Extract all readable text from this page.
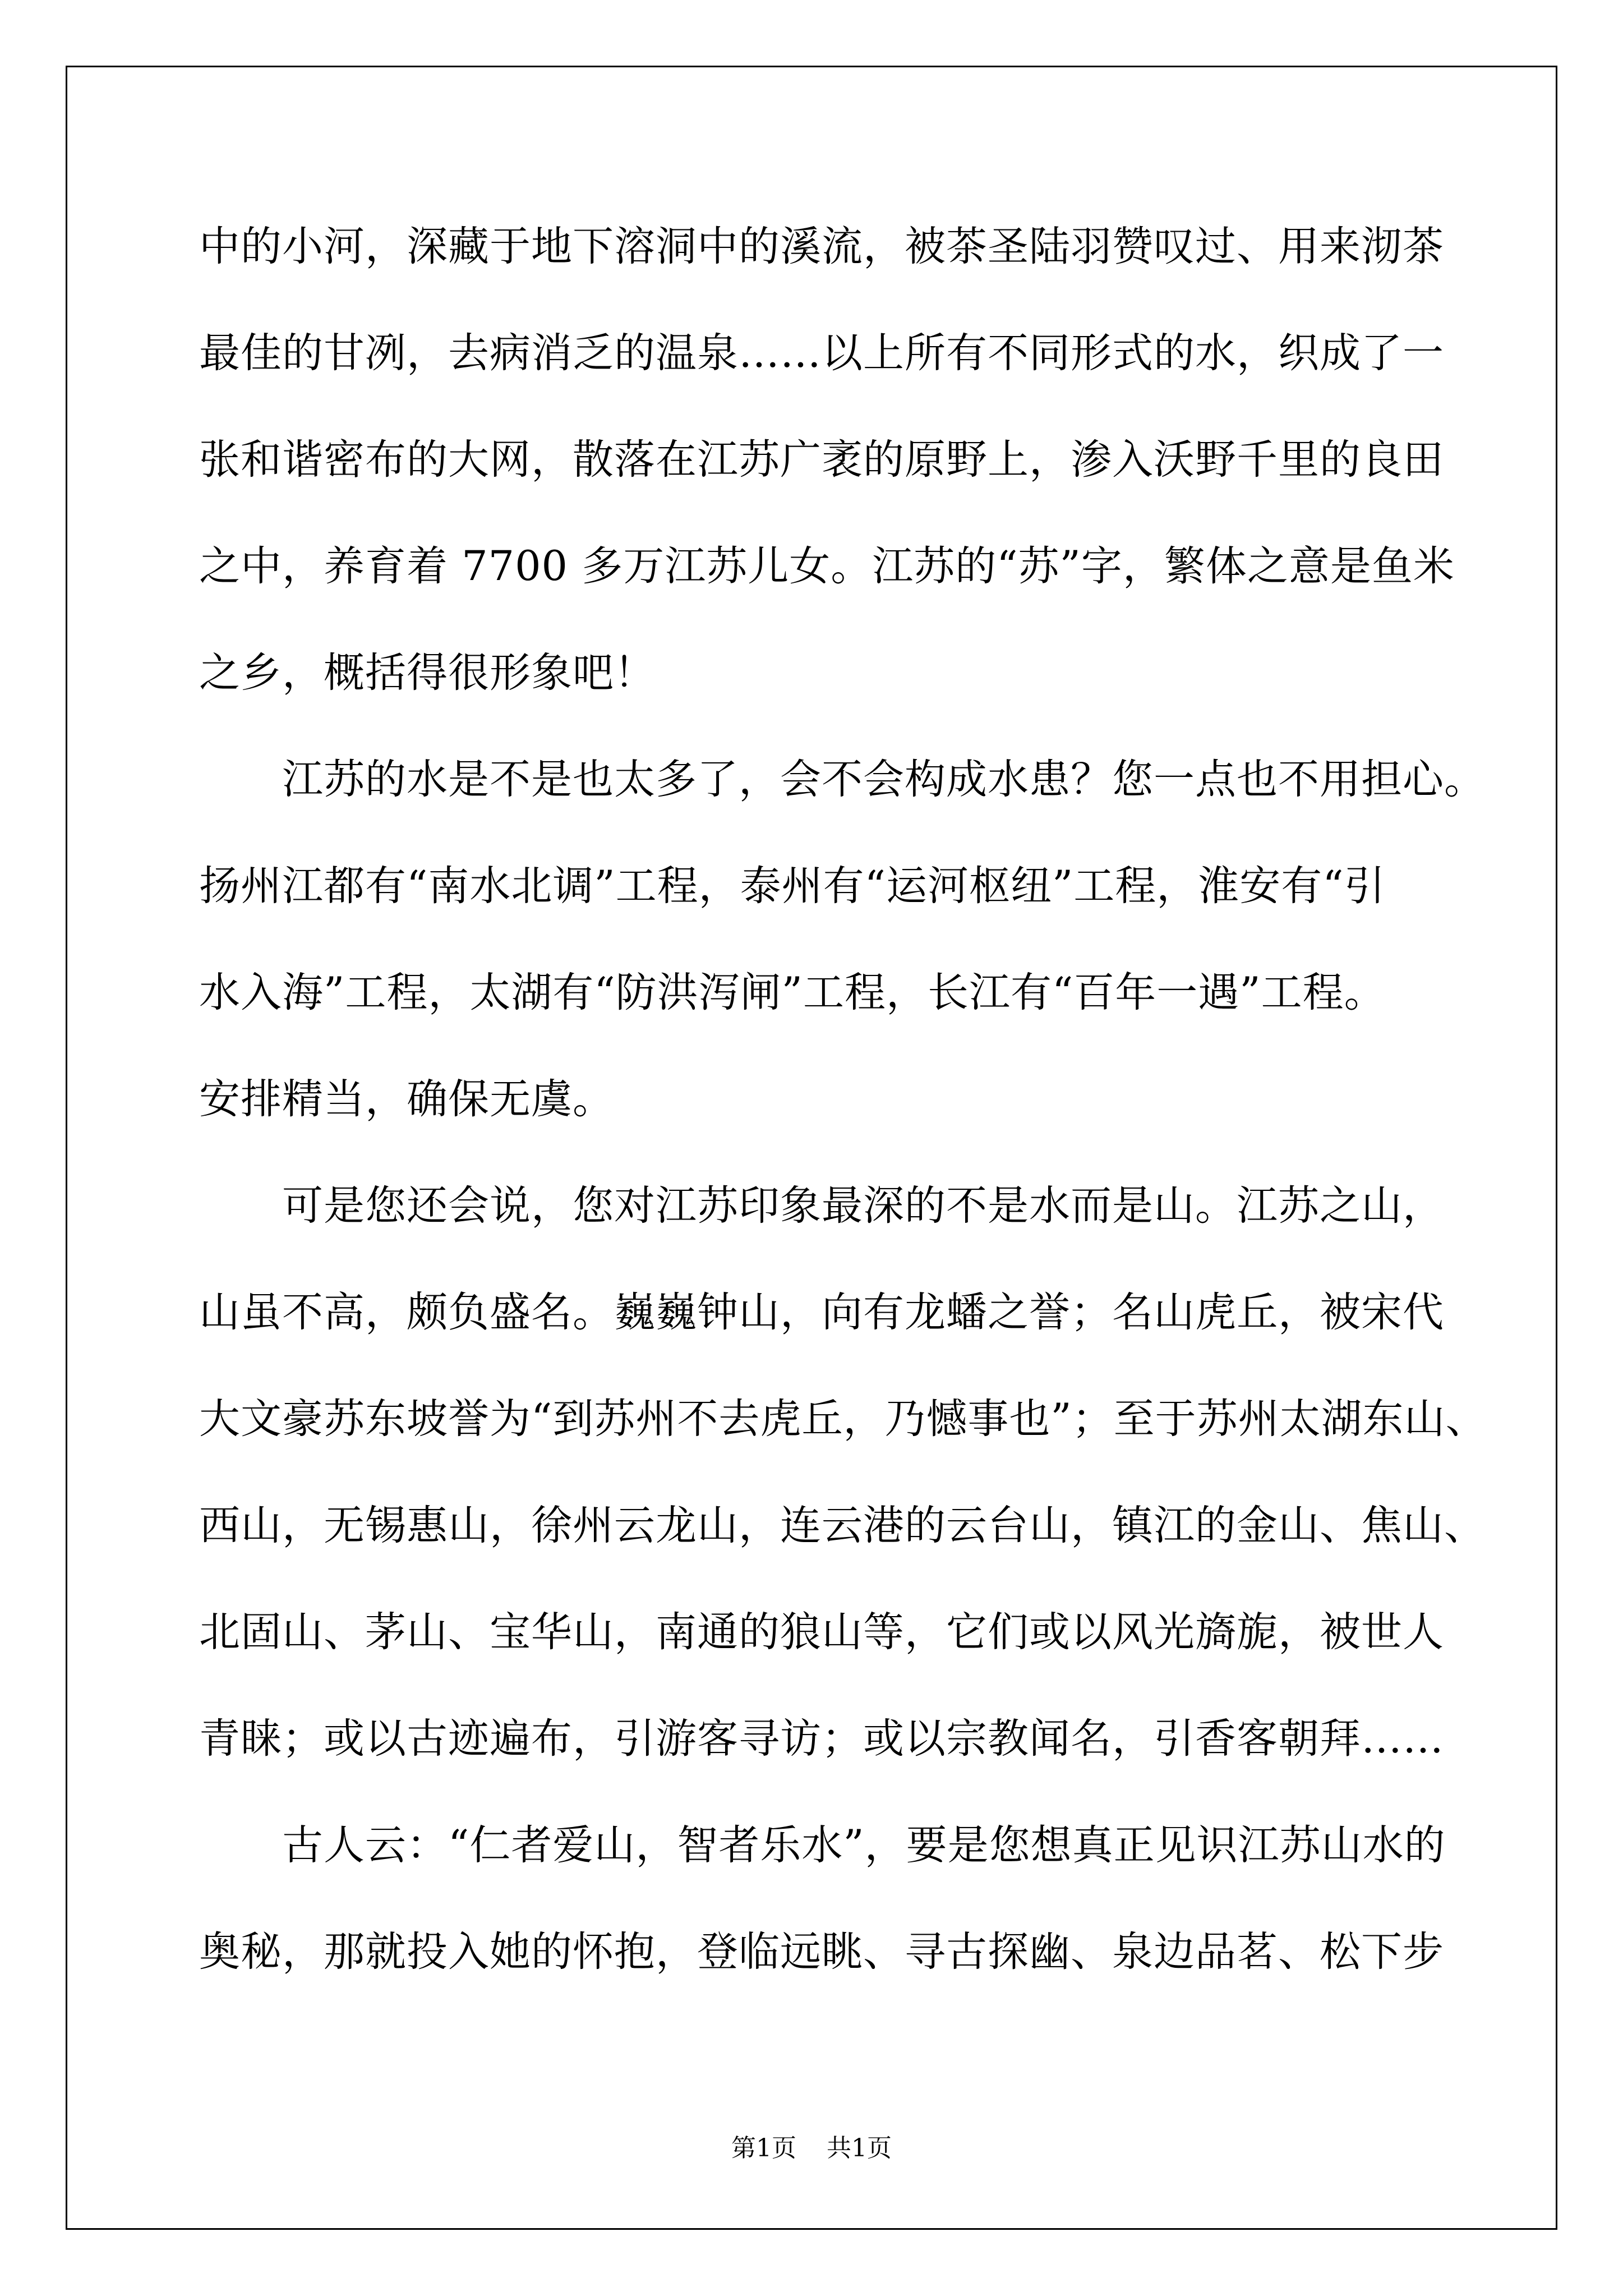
中的小河，深藏于地下溶洞中的溪流，被茶圣陆羽赞叹过、用来沏茶
最佳的甘冽，去病消乏的温泉……以上所有不同形式的水，织成了一
张和谐密布的大网，散落在江苏广袤的原野上，渗入沃野千里的良田
之中，养育着 7700 多万江苏儿女。江苏的“苏”字，繁体之意是鱼米
之乡，概括得很形象吧！
江苏的水是不是也太多了，会不会构成水患？您一点也不用担心。
扬州江都有“南水北调”工程，泰州有“运河枢纽”工程，淮安有“引
水入海”工程，太湖有“防洪泻闸”工程，长江有“百年一遇”工程。
安排精当，确保无虞。
可是您还会说，您对江苏印象最深的不是水而是山。江苏之山，
山虽不高，颇负盛名。巍巍钟山，向有龙蟠之誉；名山虎丘，被宋代
大文豪苏东坡誉为“到苏州不去虎丘，乃憾事也”；至于苏州太湖东山、
西山，无锡惠山，徐州云龙山，连云港的云台山，镇江的金山、焦山、
北固山、茅山、宝华山，南通的狼山等，它们或以风光旖旎，被世人
青睐；或以古迹遍布，引游客寻访；或以宗教闻名，引香客朝拜……
古人云：“仁者爱山，智者乐水”，要是您想真正见识江苏山水的
奥秘，那就投入她的怀抱，登临远眺、寻古探幽、泉边品茗、松下步
第1页 共1页
